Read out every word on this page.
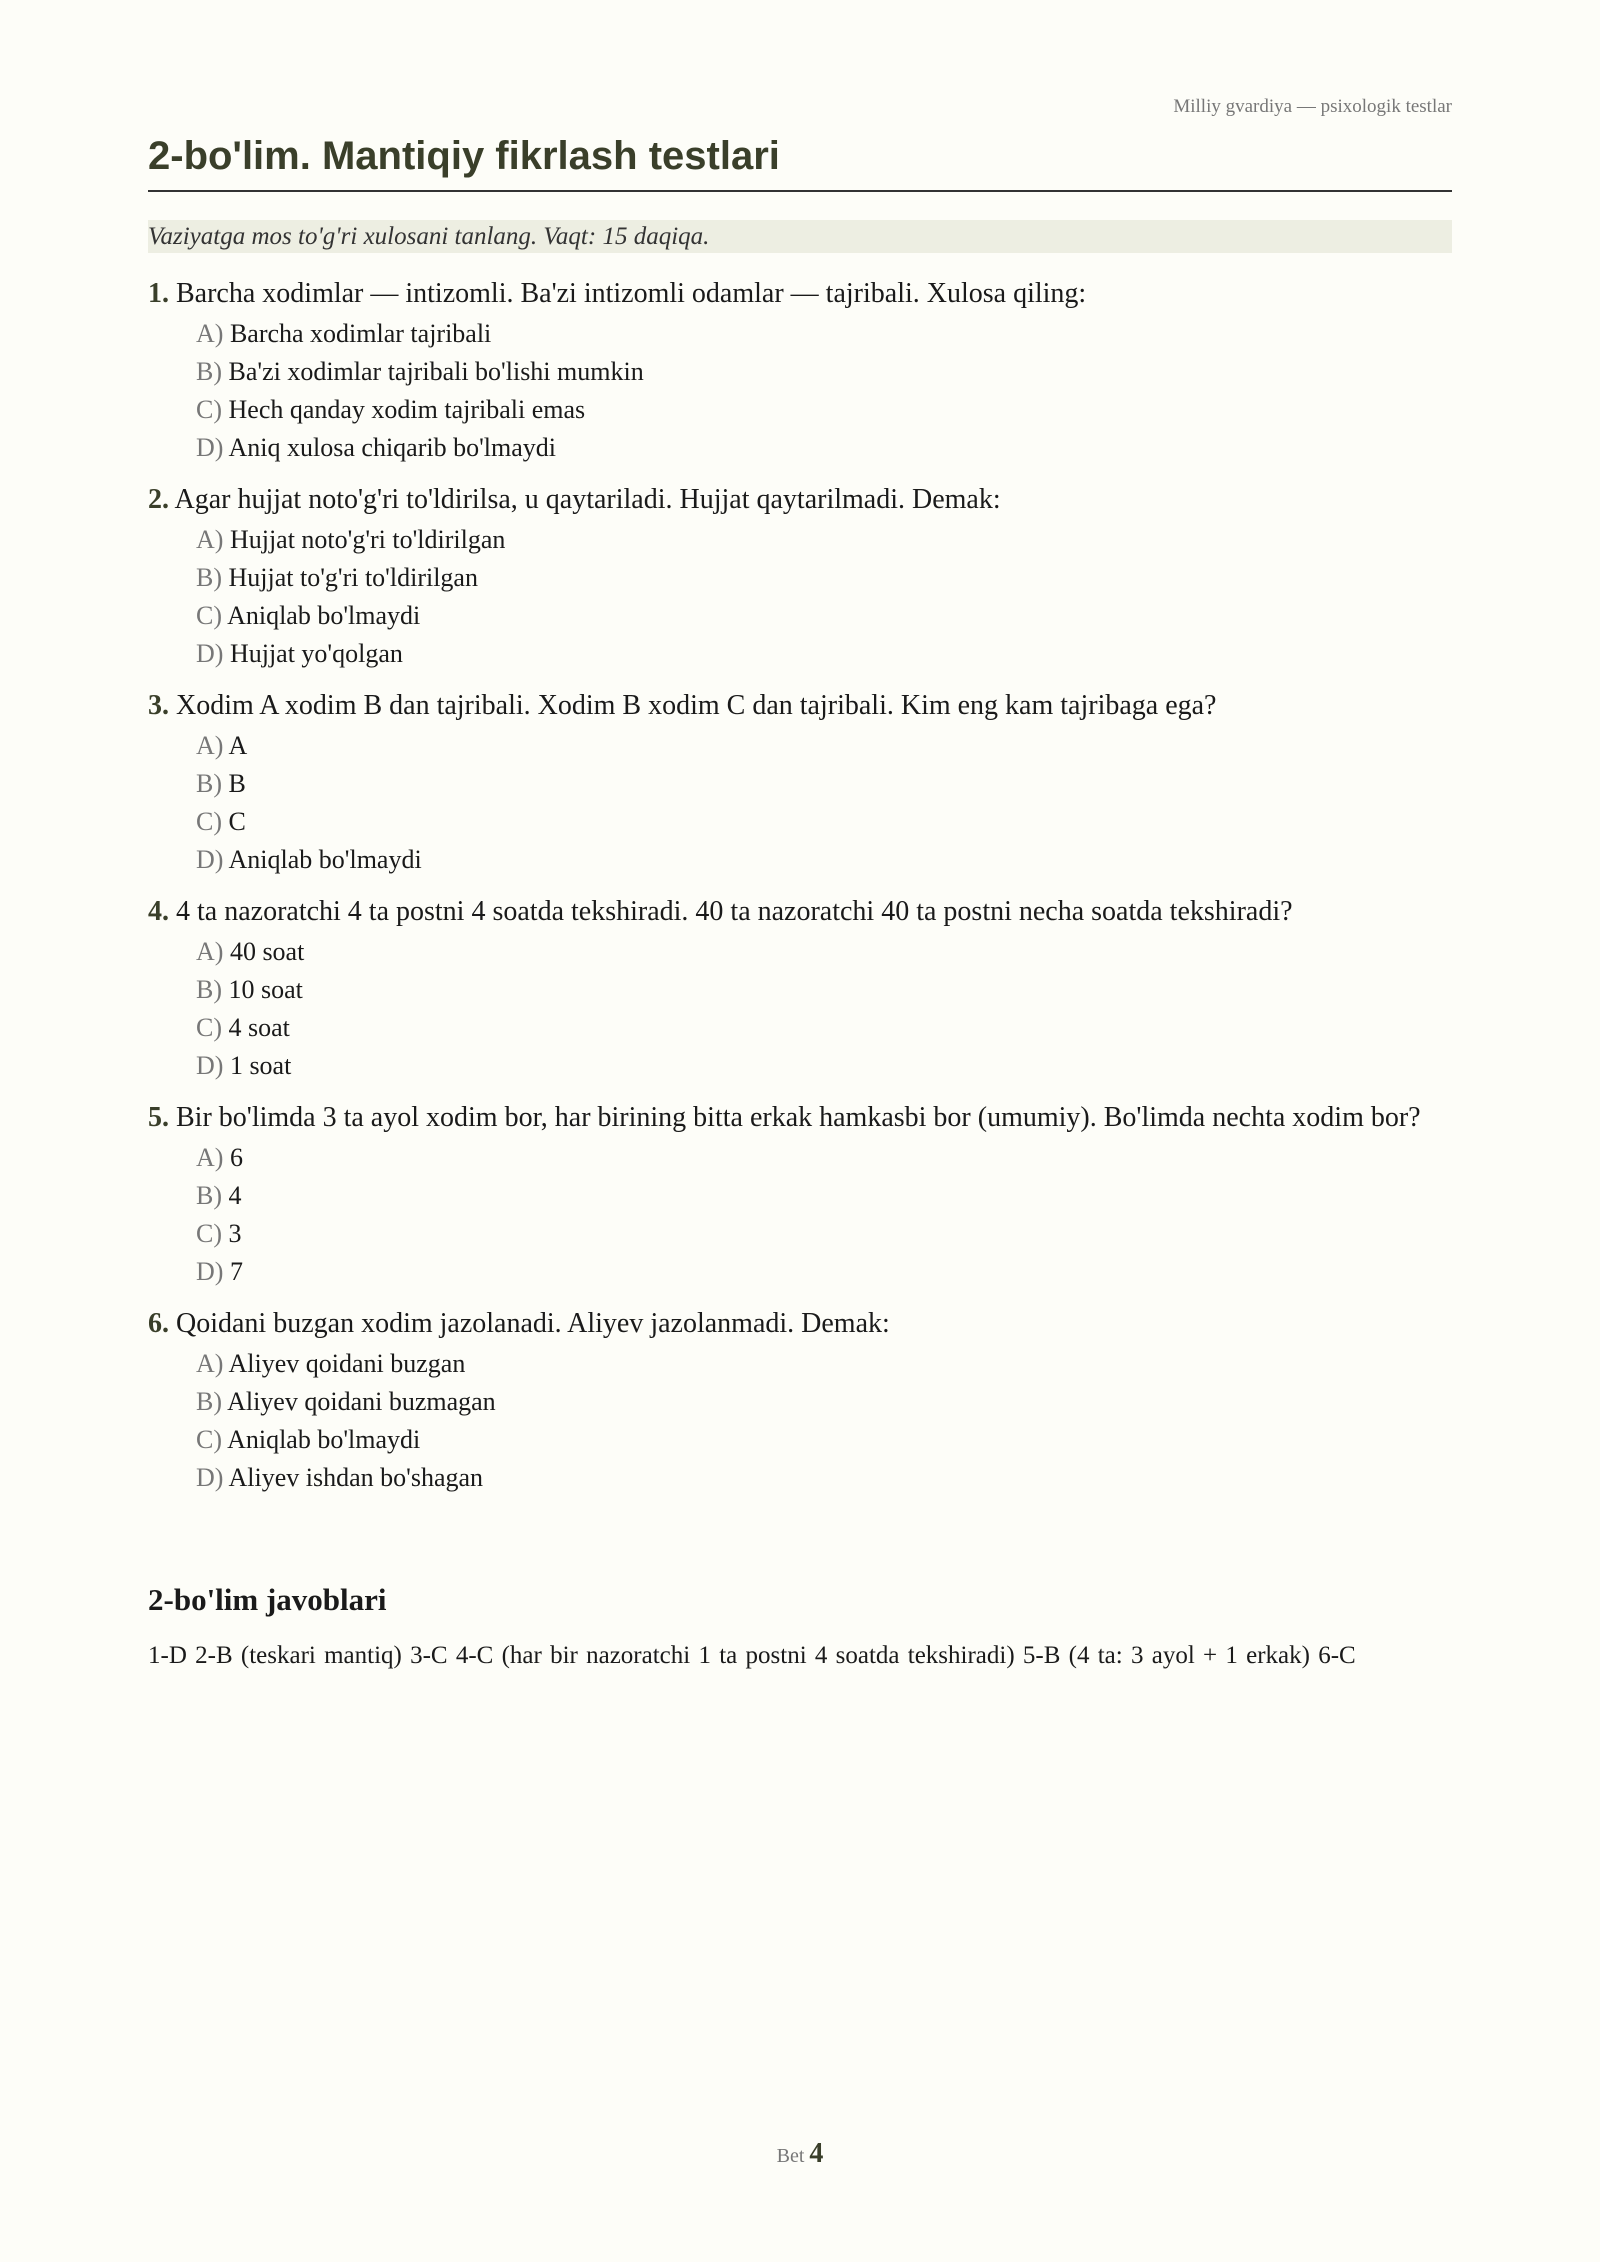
Milliy gvardiya — psixologik testlar
2-bo'lim. Mantiqiy fikrlash testlari
Vaziyatga mos to'g'ri xulosani tanlang. Vaqt: 15 daqiqa.

1. Barcha xodimlar — intizomli. Ba'zi intizomli odamlar — tajribali. Xulosa qiling:

A) Barcha xodimlar tajribali
B) Ba'zi xodimlar tajribali bo'lishi mumkin
C) Hech qanday xodim tajribali emas
D) Aniq xulosa chiqarib bo'lmaydi

2. Agar hujjat noto'g'ri to'ldirilsa, u qaytariladi. Hujjat qaytarilmadi. Demak:

A) Hujjat noto'g'ri to'ldirilgan
B) Hujjat to'g'ri to'ldirilgan
C) Aniqlab bo'lmaydi
D) Hujjat yo'qolgan

3. Xodim A xodim B dan tajribali. Xodim B xodim C dan tajribali. Kim eng kam tajribaga ega?

A) A
B) B
C) C
D) Aniqlab bo'lmaydi

4. 4 ta nazoratchi 4 ta postni 4 soatda tekshiradi. 40 ta nazoratchi 40 ta postni necha soatda tekshiradi?

A) 40 soat
B) 10 soat
C) 4 soat
D) 1 soat

5. Bir bo'limda 3 ta ayol xodim bor, har birining bitta erkak hamkasbi bor (umumiy). Bo'limda nechta xodim bor?

A) 6
B) 4
C) 3
D) 7

6. Qoidani buzgan xodim jazolanadi. Aliyev jazolanmadi. Demak:

A) Aliyev qoidani buzgan
B) Aliyev qoidani buzmagan
C) Aniqlab bo'lmaydi
D) Aliyev ishdan bo'shagan
2-bo'lim javoblari
1-D 2-B (teskari mantiq) 3-C 4-C (har bir nazoratchi 1 ta postni 4 soatda tekshiradi) 5-B (4 ta: 3 ayol + 1 erkak) 6-C
Bet 4
